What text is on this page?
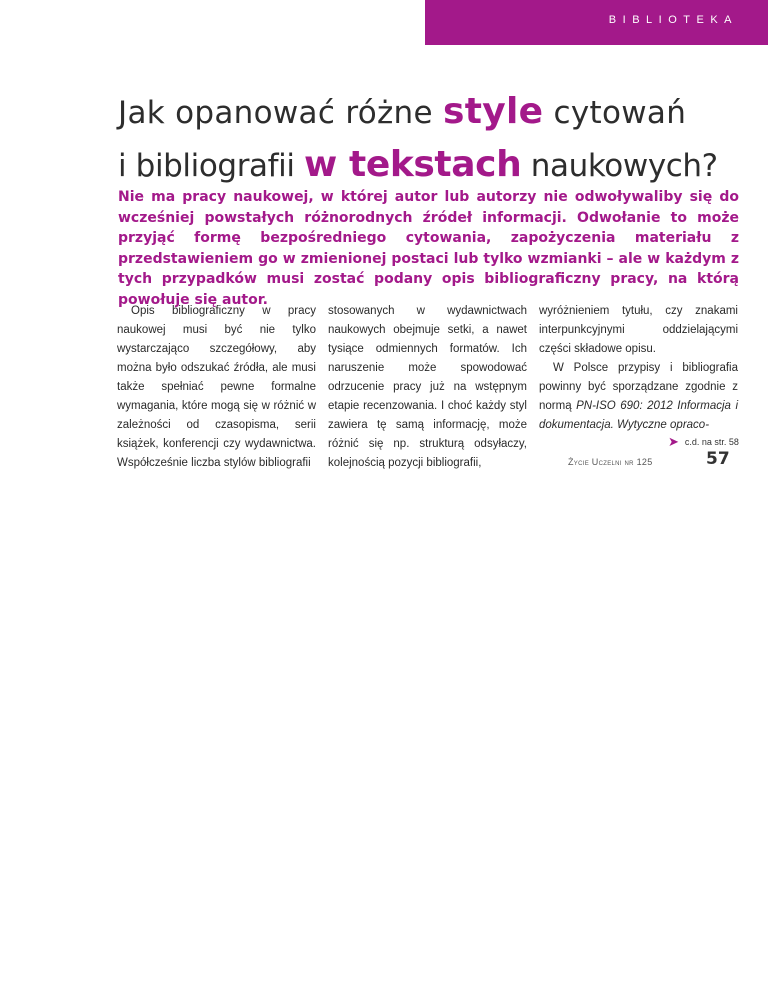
BIBLIOTEKA
Jak opanować różne style cytowań
i bibliografii w tekstach naukowych?

Nie ma pracy naukowej, w której autor lub autorzy nie odwoływaliby się do wcześniej powstałych różnorodnych źródeł informacji. Odwołanie to może przyjąć formę bezpośredniego cytowania, zapożyczenia materiału z przedstawieniem go w zmienionej postaci lub tylko wzmianki – ale w każdym z tych przypadków musi zostać podany opis bibliograficzny pracy, na którą powołuje się autor.

Opis bibliograficzny w pracy naukowej musi być nie tylko wystarczająco szczegółowy, aby można było odszukać źródła, ale musi także spełniać pewne formalne wymagania, które mogą się w różnić w zależności od czasopisma, serii książek, konferencji czy wydawnictwa. Współcześnie liczba stylów bibliografii

stosowanych w wydawnictwach naukowych obejmuje setki, a nawet tysiące odmiennych formatów. Ich naruszenie może spowodować odrzucenie pracy już na wstępnym etapie recenzowania. I choć każdy styl zawiera tę samą informację, może różnić się np. strukturą odsyłaczy, kolejnością pozycji bibliografii,

wyróżnieniem tytułu, czy znakami interpunkcyjnymi oddzielającymi części składowe opisu.

W Polsce przypisy i bibliografia powinny być sporządzane zgodnie z normą PN-ISO 690: 2012 Informacja i dokumentacja. Wytyczne opraco-

➤ c.d. na str. 58
Życie Uczelni nr 125	57
